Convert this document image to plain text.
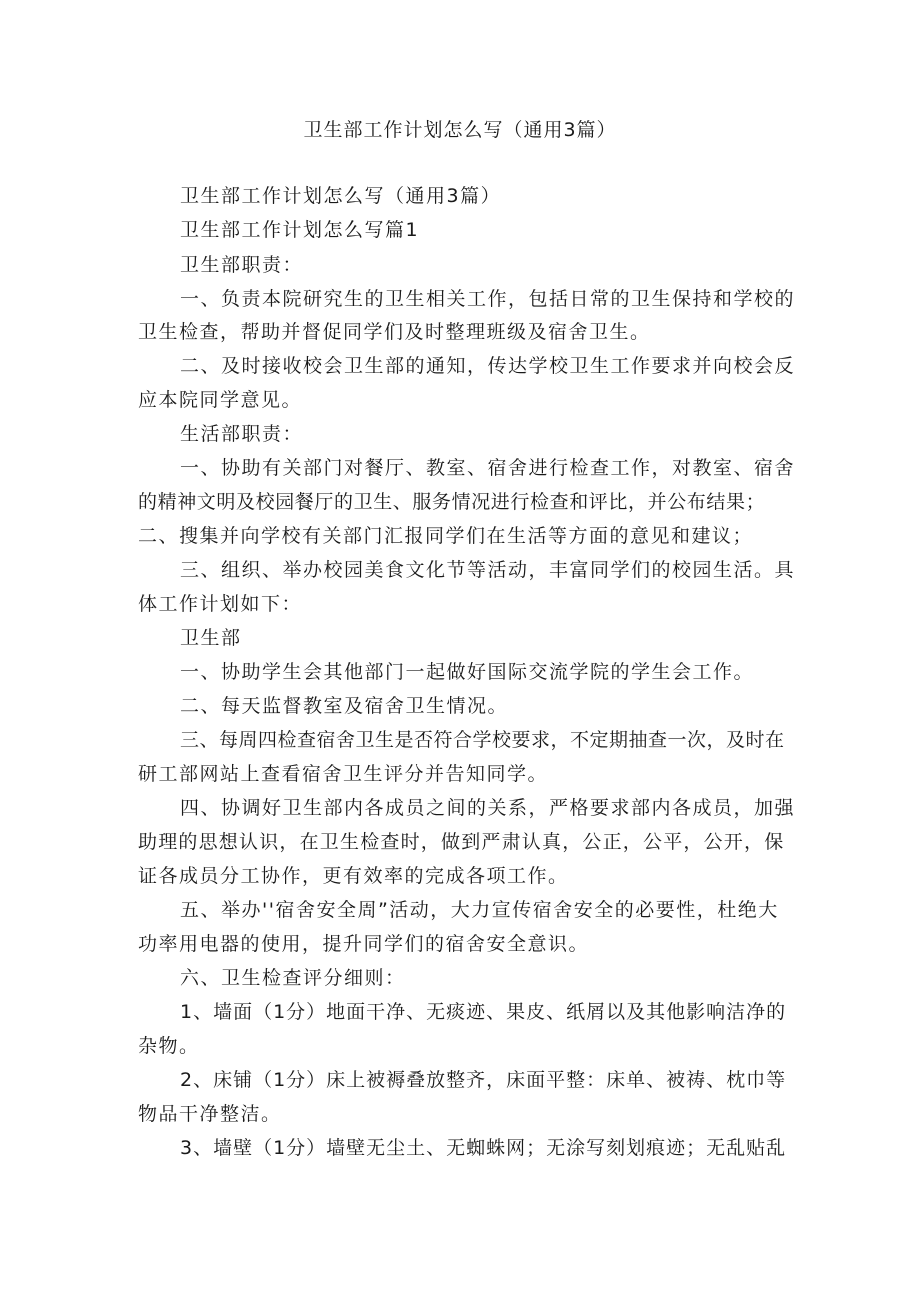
卫生部工作计划怎么写（通用3篇）
卫生部工作计划怎么写（通用3篇）
卫生部工作计划怎么写篇1
卫生部职责：
一、负责本院研究生的卫生相关工作，包括日常的卫生保持和学校的
卫生检查，帮助并督促同学们及时整理班级及宿舍卫生。
二、及时接收校会卫生部的通知，传达学校卫生工作要求并向校会反
应本院同学意见。
生活部职责：
一、协助有关部门对餐厅、教室、宿舍进行检查工作，对教室、宿舍
的精神文明及校园餐厅的卫生、服务情况进行检查和评比，并公布结果；
二、搜集并向学校有关部门汇报同学们在生活等方面的意见和建议；
三、组织、举办校园美食文化节等活动，丰富同学们的校园生活。具
体工作计划如下：
卫生部
一、协助学生会其他部门一起做好国际交流学院的学生会工作。
二、每天监督教室及宿舍卫生情况。
三、每周四检查宿舍卫生是否符合学校要求，不定期抽查一次，及时在
研工部网站上查看宿舍卫生评分并告知同学。
四、协调好卫生部内各成员之间的关系，严格要求部内各成员，加强
助理的思想认识，在卫生检查时，做到严肃认真，公正，公平，公开，保
证各成员分工协作，更有效率的完成各项工作。
五、举办''宿舍安全周”活动，大力宣传宿舍安全的必要性，杜绝大
功率用电器的使用，提升同学们的宿舍安全意识。
六、卫生检查评分细则：
1、墙面（1分）地面干净、无痰迹、果皮、纸屑以及其他影响洁净的
杂物。
2、床铺（1分）床上被褥叠放整齐，床面平整：床单、被祷、枕巾等
物品干净整洁。
3、墙壁（1分）墙壁无尘土、无蜘蛛网；无涂写刻划痕迹；无乱贴乱
